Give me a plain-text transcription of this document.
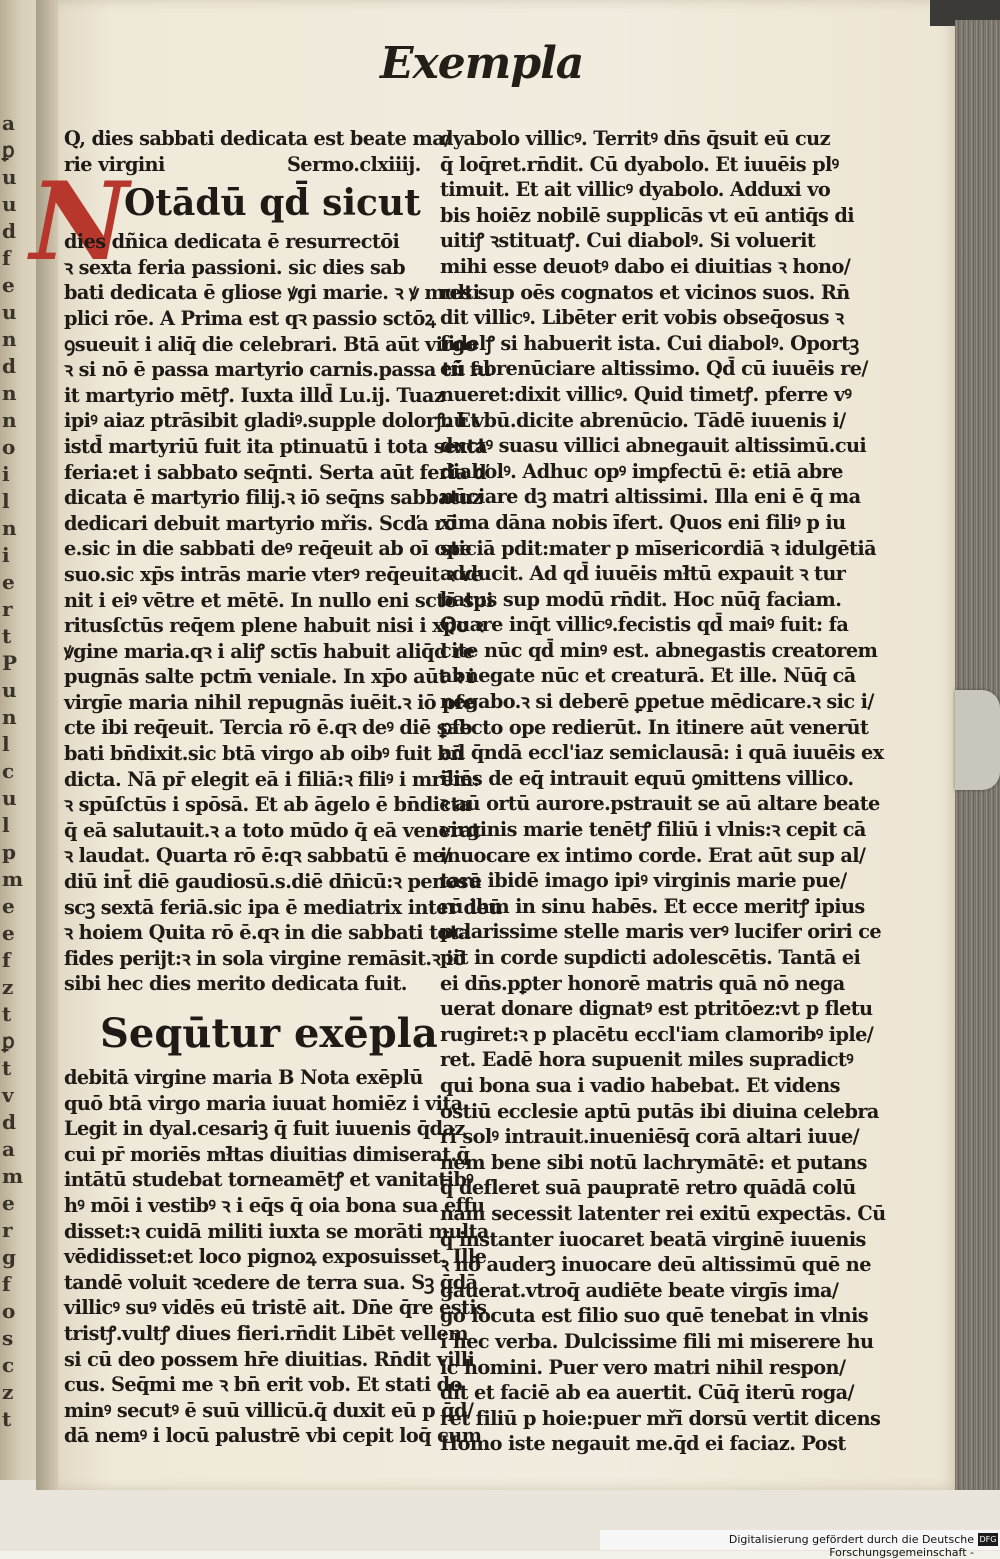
a
ꝑ
u
u
d
f
e
u
n
d
n
n
o
i
l
n
i
e
r
t
P
u
n
l
c
u
l
p
m
e
e
f
z
t
ꝑ
t
v
d
a
m
e
r
g
f
o
s
c
z
t
Exempla
N
Q, dies sabbati dedicata est beate ma/
rie virgini                    Sermo.clxiiij.
Otādū qd̄ sicut
dies dñica dedicata ē resurrectōi
ꝛ sexta feria passioni. sic dies sab
bati dedicata ē gliose ꝟgi marie. ꝛ ꝟ multi
plici rōe. A Prima est qꝛ passio sctōꝝ
ꝯsueuit i aliq̄ die celebrari. Btā aūt virgo
ꝛ si nō ē passa martyrio carnis.passa tñ fu
it martyrio mētꝭ. Iuxta illd̄ Lu.ij. Tuaz
ipiꝰ aiaz ptrāsibit gladiꝰ.supple dolorꝭ. Et
istd̄ martyriū fuit ita ptinuatū i tota sexta
feria:et i sabbato seq̄nti. Serta aūt feria ď
dicata ē martyrio filij.ꝛ iō seq̄ns sabbatuz
dedicari debuit martyrio mřis. Scďa rō
e.sic in die sabbati deꝰ req̄euit ab oī ope
suo.sic xp̄s intrās marie vterꝰ req̄euit ꝛ ve
nit i eiꝰ vētre et mētē. In nullo eni sctō spi
ritusſctūs req̄em plene habuit nisi i xp̄o ꝛ
ꝟgine maria.qꝛ i aliꝭ sctīs habuit aliq̄d re
pugnās salte pctm̄ veniale. In xp̄o aūt ꝛ i
virgīe maria nihil repugnās iuēit.ꝛ iō pfe
cte ibi req̄euit. Tercia rō ē.qꝛ deꝰ diē sab
bati bn̄dixit.sic btā virgo ab oibꝰ fuit bn̄
dicta. Nā pr̄ elegit eā i filiā:ꝛ filiꝰ i mrēm:
ꝛ spūſctūs i spōsā. Et ab āgelo ē bn̄dicta
q̄ eā salutauit.ꝛ a toto mūdo q̄ eā venerat
ꝛ laudat. Quarta rō ē:qꝛ sabbatū ē me/
diū int̄ diē gaudiosū.s.diē dn̄icū:ꝛ penosū
scꝫ sextā feriā.sic ipa ē mediatrix inter deū
ꝛ hoiem Quita rō ē.qꝛ in die sabbati tota
fides perijt:ꝛ in sola virgine remāsit.ꝛ iō
sibi hec dies merito dedicata fuit.
Seqūtur exēpla
debitā virgine maria B Nota exēplū
quō btā virgo maria iuuat homiēz i vita.
Legit in dyal.cesariꝫ q̄ fuit iuuenis q̄daz
cui pr̄ moriēs mł̄tas diuitias dimiserat.q̄
intātū studebat torneamētꝭ et vanitatibꝰ
hꝰ mōi i vestibꝰ ꝛ i eq̄s q̄ oia bona sua effu
disset:ꝛ cuidā militi iuxta se morāti multa
vēdidisset:et loco pignoꝝ exposuisset. Ille
tandē voluit ꝛcedere de terra sua. Sꝫ q̄dā
villicꝰ suꝰ vidēs eū tristē ait. Dn̄e q̄re estis
tristꝭ.vultꝭ diues fieri.rn̄dit Libēt vellem
si cū deo possem hr̄e diuitias. Rn̄dit villi
cus. Seq̄mi me ꝛ bn̄ erit vob. Et stati do
minꝰ secutꝰ ē suū villicū.q̄ duxit eū p q̄d/
dā nemꝰ i locū palustrē vbi cepit loq̄ cum
dyabolo villicꝰ. Territꝰ dn̄s q̄suit eū cuz
q̄ loq̄ret.rn̄dit. Cū dyabolo. Et iuuēis plꝰ
timuit. Et ait villicꝰ dyabolo. Adduxi vo
bis hoiēz nobilē supplicās vt eū antiq̄s di
uitiꝭ ꝛstituatꝭ. Cui diabolꝰ. Si voluerit
mihi esse deuotꝰ dabo ei diuitias ꝛ hono/
res sup oēs cognatos et vicinos suos. Rn̄
dit villicꝰ. Libēter erit vobis obseq̄osus ꝛ
fidelꝭ si habuerit ista. Cui diabolꝰ. Oportꝫ
eū abrenūciare altissimo. Qd̄ cū iuuēis re/
nueret:dixit villicꝰ. Quid timetꝭ. pferre vꝰ
nū vbū.dicite abrenūcio. Tādē iuuenis i/
ductꝰ suasu villici abnegauit altissimū.cui
diabolꝰ. Adhuc opꝰ imꝑfectū ē: etiā abre
nūciare dꝫ matri altissimi. Illa eni ē q̄ ma
xima dāna nobis īfert. Quos eni filiꝰ p iu
sticiā pdit:mater p mīsericordiā ꝛ idulgētiā
adducit. Ad qd̄ iuuēis mł̄tū expauit ꝛ tur
batus sup modū rn̄dit. Hoc nūq̄ faciam.
Quare inq̄t villicꝰ.fecistis qd̄ maiꝰ fuit: fa
cite nūc qd̄ minꝰ est. abnegastis creatorem
abnegate nūc et creaturā. Et ille. Nūq̄ cā
negabo.ꝛ si deberē ꝑpetue mēdicare.ꝛ sic i/
ꝑfecto ope redierūt. In itinere aūt venerūt
ad q̄ndā eccl'iaz semiclausā: i quā iuuēis ex
iliēs de eq̄ intrauit equū ꝯmittens villico.
ꝛ aū ortū aurore.pstrauit se aū altare beate
virginis marie tenētꝭ filiū i vlnis:ꝛ cepit cā
inuocare ex intimo corde. Erat aūt sup al/
tare ibidē imago ipiꝰ virginis marie pue/
rū ihm in sinu habēs. Et ecce meritꝭ ipius
pclarissime stelle maris verꝰ lucifer oriri ce
pit in corde supdicti adolescētis. Tantā ei
ei dn̄s.pꝑter honorē matris quā nō nega
uerat donare dignatꝰ est ptritōez:vt p fletu
rugiret:ꝛ p placētu eccl'iam clamoribꝰ iple/
ret. Eadē hora supuenit miles supradictꝰ
qui bona sua i vadio habebat. Et videns
ostiū ecclesie aptū putās ibi diuina celebra
ri solꝰ intrauit.inueniēsq̄ corā altari iuue/
nem bene sibi notū lachrymātē: et putans
q̄ defleret suā paupratē retro quādā colū
nam secessit latenter rei exitū expectās. Cū
q̄ instanter iuocaret beatā virginē iuuenis
ꝛ nō auderꝫ inuocare deū altissimū quē ne
gauerat.vtroq̄ audiēte beate virgīs ima/
go locuta est filio suo quē tenebat in vlnis
i hec verba. Dulcissime fili mi miserere hu
ic homini. Puer vero matri nihil respon/
dit et faciē ab ea auertit. Cūq̄ iterū roga/
ret filiū p hoie:puer mřī dorsū vertit dicens
Homo iste negauit me.q̄d ei faciaz. Post
Digitalisierung gefördert durch die Deutsche Forschungsgemeinschaft -
DFG
